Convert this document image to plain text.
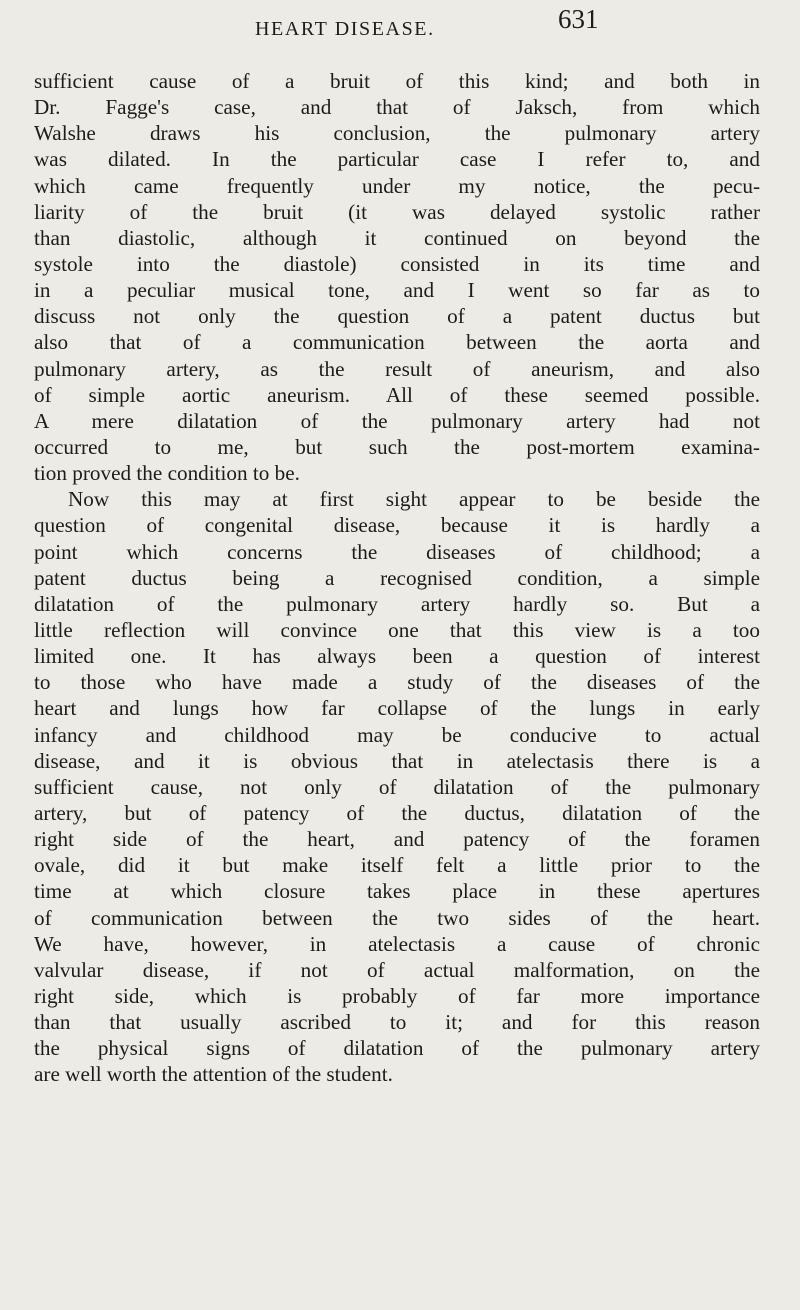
HEART DISEASE.	631
sufficient cause of a bruit of this kind; and both in
Dr. Fagge's case, and that of Jaksch, from which
Walshe draws his conclusion, the pulmonary artery
was dilated. In the particular case I refer to, and
which came frequently under my notice, the pecu-
liarity of the bruit (it was delayed systolic rather
than diastolic, although it continued on beyond the
systole into the diastole) consisted in its time and
in a peculiar musical tone, and I went so far as to
discuss not only the question of a patent ductus but
also that of a communication between the aorta and
pulmonary artery, as the result of aneurism, and also
of simple aortic aneurism. All of these seemed possible.
A mere dilatation of the pulmonary artery had not
occurred to me, but such the post-mortem examina-
tion proved the condition to be.
Now this may at first sight appear to be beside the
question of congenital disease, because it is hardly a
point which concerns the diseases of childhood; a
patent ductus being a recognised condition, a simple
dilatation of the pulmonary artery hardly so. But a
little reflection will convince one that this view is a too
limited one. It has always been a question of interest
to those who have made a study of the diseases of the
heart and lungs how far collapse of the lungs in early
infancy and childhood may be conducive to actual
disease, and it is obvious that in atelectasis there is a
sufficient cause, not only of dilatation of the pulmonary
artery, but of patency of the ductus, dilatation of the
right side of the heart, and patency of the foramen
ovale, did it but make itself felt a little prior to the
time at which closure takes place in these apertures
of communication between the two sides of the heart.
We have, however, in atelectasis a cause of chronic
valvular disease, if not of actual malformation, on the
right side, which is probably of far more importance
than that usually ascribed to it; and for this reason
the physical signs of dilatation of the pulmonary artery
are well worth the attention of the student.
